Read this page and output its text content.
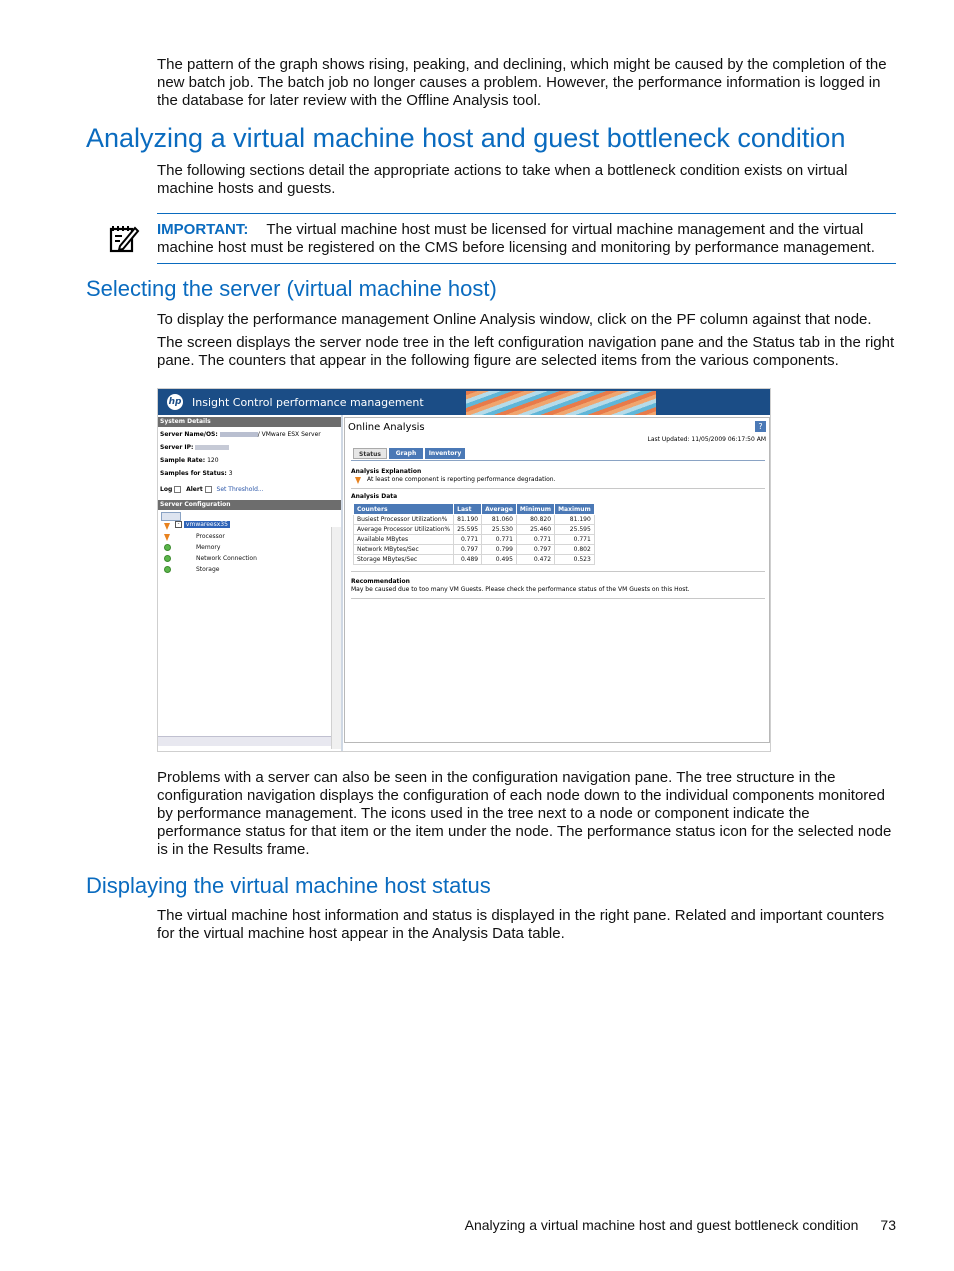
The pattern of the graph shows rising, peaking, and declining, which might be caused by the completion of the new batch job. The batch job no longer causes a problem. However, the performance information is logged in the database for later review with the Offline Analysis tool.

Analyzing a virtual machine host and guest bottleneck condition

The following sections detail the appropriate actions to take when a bottleneck condition exists on virtual machine hosts and guests.

IMPORTANT: The virtual machine host must be licensed for virtual machine management and the virtual machine host must be registered on the CMS before licensing and monitoring by performance management.
Selecting the server (virtual machine host)

To display the performance management Online Analysis window, click on the PF column against that node.

The screen displays the server node tree in the left configuration navigation pane and the Status tab in the right pane. The counters that appear in the following figure are selected items from the various components.

hp Insight Control performance management
System Details
Server Name/OS:	/ VMware ESX Server
Server IP:
Sample Rate: 120
Samples for Status: 3
Log Alert Set Threshold...
Server Configuration
- vmwareesx35
Processor
Memory
Network Connection
Storage
Online Analysis	?
Last Updated: 11/05/2009 06:17:50 AM
Status	Graph	Inventory
Analysis Explanation
At least one component is reporting performance degradation.
Analysis Data
Counters	Last	Average	Minimum	Maximum
Busiest Processor Utilization%	81.190	81.060	80.820	81.190
Average Processor Utilization%	25.595	25.530	25.460	25.595
Available MBytes	0.771	0.771	0.771	0.771
Network MBytes/Sec	0.797	0.799	0.797	0.802
Storage MBytes/Sec	0.489	0.495	0.472	0.523
Recommendation
May be caused due to too many VM Guests. Please check the performance status of the VM Guests on this Host.

Problems with a server can also be seen in the configuration navigation pane. The tree structure in the configuration navigation displays the configuration of each node down to the individual components monitored by performance management. The icons used in the tree next to a node or component indicate the performance status for that item or the item under the node. The performance status icon for the selected node is in the Results frame.

Displaying the virtual machine host status

The virtual machine host information and status is displayed in the right pane. Related and important counters for the virtual machine host appear in the Analysis Data table.

Analyzing a virtual machine host and guest bottleneck condition 73
